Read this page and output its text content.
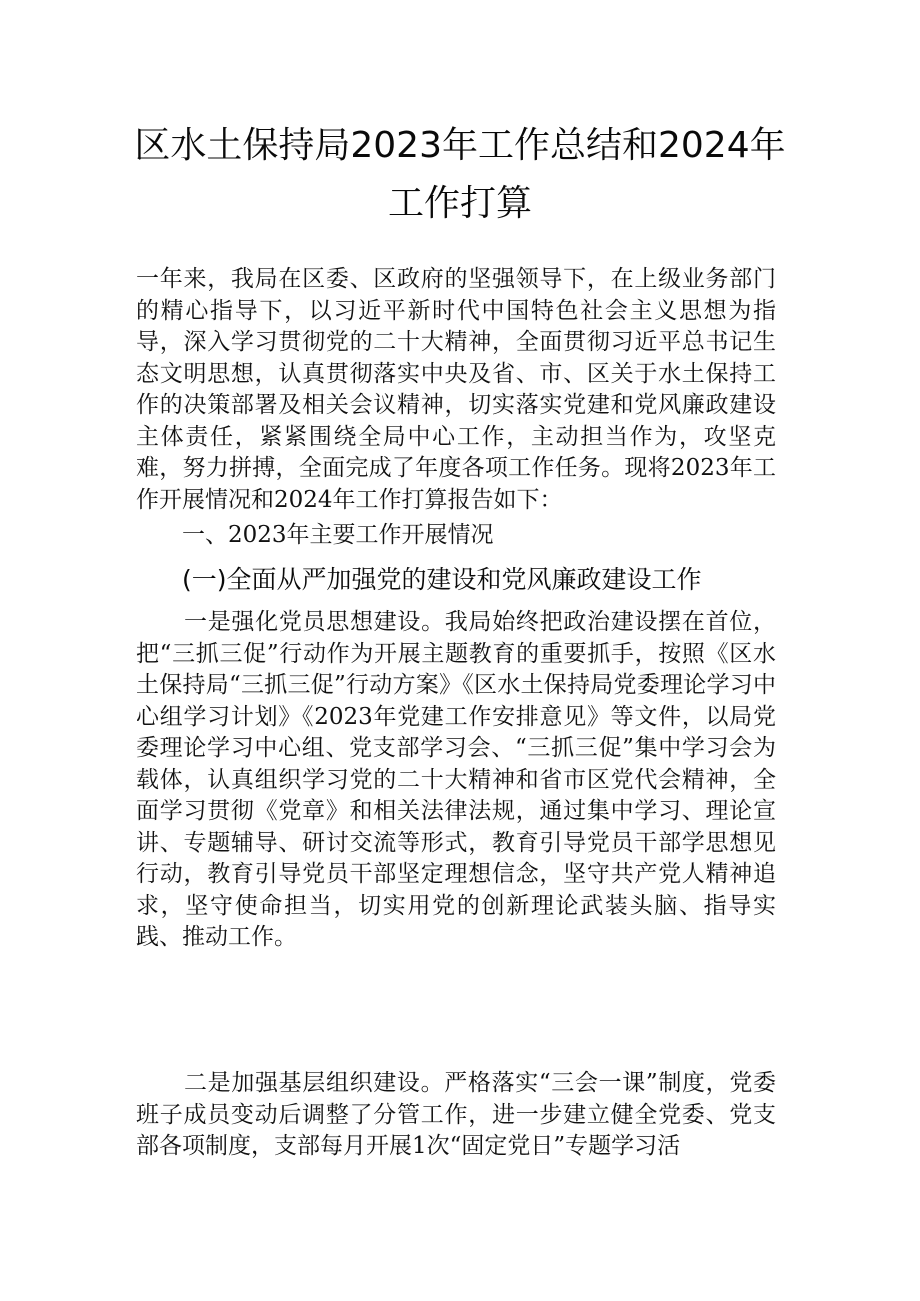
区水土保持局2023年工作总结和2024年
工作打算

一年来，我局在区委、区政府的坚强领导下，在上级业务部门的精心指导下，以习近平新时代中国特色社会主义思想为指导，深入学习贯彻党的二十大精神，全面贯彻习近平总书记生态文明思想，认真贯彻落实中央及省、市、区关于水土保持工作的决策部署及相关会议精神，切实落实党建和党风廉政建设主体责任，紧紧围绕全局中心工作，主动担当作为，攻坚克难，努力拼搏，全面完成了年度各项工作任务。现将2023年工作开展情况和2024年工作打算报告如下：

一、2023年主要工作开展情况

(一)全面从严加强党的建设和党风廉政建设工作

一是强化党员思想建设。我局始终把政治建设摆在首位，把“三抓三促”行动作为开展主题教育的重要抓手，按照《区水土保持局“三抓三促”行动方案》《区水土保持局党委理论学习中心组学习计划》《2023年党建工作安排意见》等文件，以局党委理论学习中心组、党支部学习会、“三抓三促”集中学习会为载体，认真组织学习党的二十大精神和省市区党代会精神，全面学习贯彻《党章》和相关法律法规，通过集中学习、理论宣讲、专题辅导、研讨交流等形式，教育引导党员干部学思想见行动，教育引导党员干部坚定理想信念，坚守共产党人精神追求，坚守使命担当，切实用党的创新理论武装头脑、指导实践、推动工作。

二是加强基层组织建设。严格落实“三会一课”制度，党委班子成员变动后调整了分管工作，进一步建立健全党委、党支部各项制度，支部每月开展1次“固定党日”专题学习活
